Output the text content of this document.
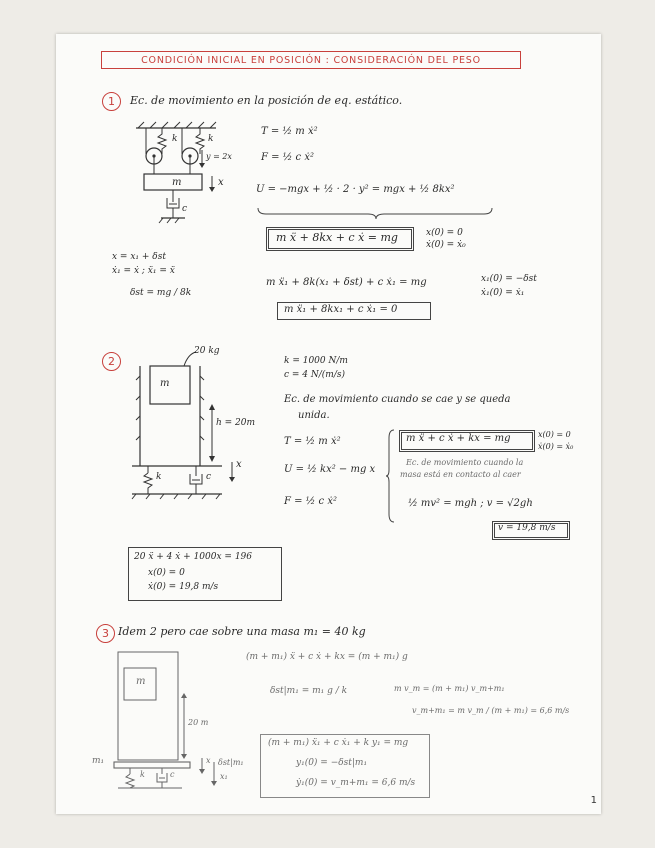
CONDICIÓN INICIAL EN POSICIÓN : CONSIDERACIÓN DEL PESO
1	Ec. de movimiento en la posición de eq. estático.
k	k
y = 2x
m	x
c
T = ½ m ẋ²
F = ½ c ẋ²
U = −mgx + ½ · 2 · y² = mgx + ½ 8kx²
m ẍ + 8kx + c ẋ = mg	x(0) = 0
ẋ(0) = ẋ₀
x = x₁ + δst
ẋ₁ = ẋ ; ẍ₁ = ẍ
δst = mg / 8k
m ẍ₁ + 8k(x₁ + δst) + c ẋ₁ = mg	x₁(0) = −δst
ẋ₁(0) = ẋ₁
m ẍ₁ + 8kx₁ + c ẋ₁ = 0
2
20 kg
m
h = 20m
k	c
x
k = 1000 N/m
c = 4 N/(m/s)
Ec. de movimiento cuando se cae y se queda
unida.
T = ½ m ẋ²
U = ½ kx² − mg x
F = ½ c ẋ²
m ẍ + c ẋ + kx = mg	x(0) = 0
ẋ(0) = ẋ₀
Ec. de movimiento cuando la
masa está en contacto al caer
½ mv² = mgh ; v = √2gh
v = 19,8 m/s
20 ẍ + 4 ẋ + 1000x = 196
x(0) = 0
ẋ(0) = 19,8 m/s
3 Idem 2 pero cae sobre una masa m₁ = 40 kg
m
20 m
m₁
k	c
x δst|m₁
x₁
(m + m₁) ẍ + c ẋ + kx = (m + m₁) g
δst|m₁ = m₁ g / k	m v_m = (m + m₁) v_m+m₁
v_m+m₁ = m v_m / (m + m₁) = 6,6 m/s
(m + m₁) ẍ₁ + c ẋ₁ + k y₁ = mg
y₁(0) = −δst|m₁
ẏ₁(0) = v_m+m₁ = 6,6 m/s
1
